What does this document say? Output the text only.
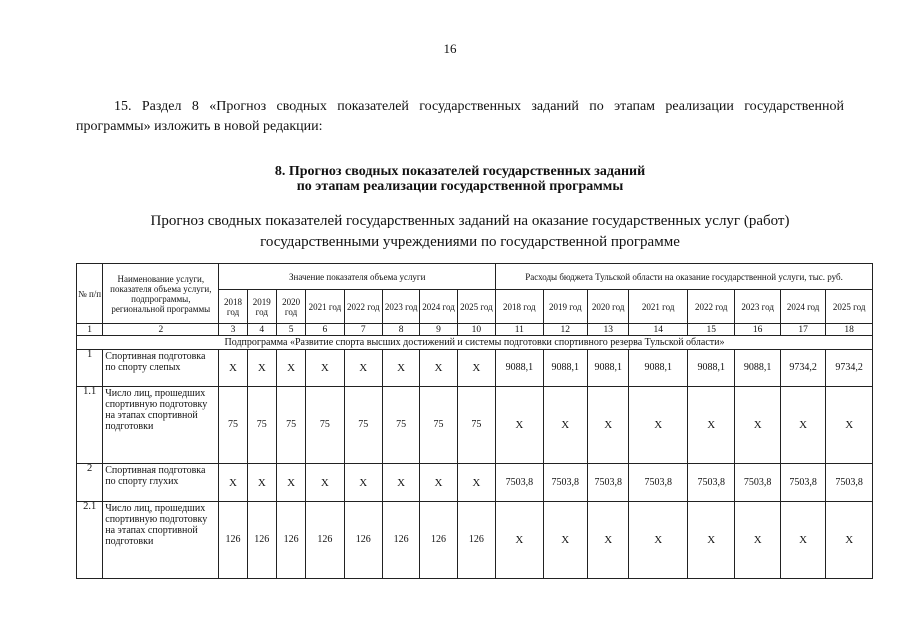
16
15. Раздел 8 «Прогноз сводных показателей государственных заданий по этапам реализации государственной программы» изложить в новой редакции:
8. Прогноз сводных показателей государственных заданий
по этапам реализации государственной программы
Прогноз сводных показателей государственных заданий на оказание государственных услуг (работ)
государственными учреждениями по государственной программе
№ п/п	Наименование услуги, показателя объема услуги, подпрограммы, региональной программы	Значение показателя объема услуги								Расходы бюджета Тульской области на оказание государственной услуги, тыс. руб.							
		2018 год	2019 год	2020 год	2021 год	2022 год	2023 год	2024 год	2025 год	2018 год	2019 год	2020 год	2021 год	2022 год	2023 год	2024 год	2025 год
1	2	3	4	5	6	7	8	9	10	11	12	13	14	15	16	17	18
Подпрограмма «Развитие спорта высших достижений и системы подготовки спортивного резерва Тульской области»																	
1	Спортивная подготовка по спорту слепых	Х	Х	Х	Х	Х	Х	Х	Х	9088,1	9088,1	9088,1	9088,1	9088,1	9088,1	9734,2	9734,2
1.1	Число лиц, прошедших спортивную подготовку на этапах спортивной подготовки	75	75	75	75	75	75	75	75	Х	Х	Х	Х	Х	Х	Х	Х
2	Спортивная подготовка по спорту глухих	Х	Х	Х	Х	Х	Х	Х	Х	7503,8	7503,8	7503,8	7503,8	7503,8	7503,8	7503,8	7503,8
2.1	Число лиц, прошедших спортивную подготовку на этапах спортивной подготовки	126	126	126	126	126	126	126	126	Х	Х	Х	Х	Х	Х	Х	Х
